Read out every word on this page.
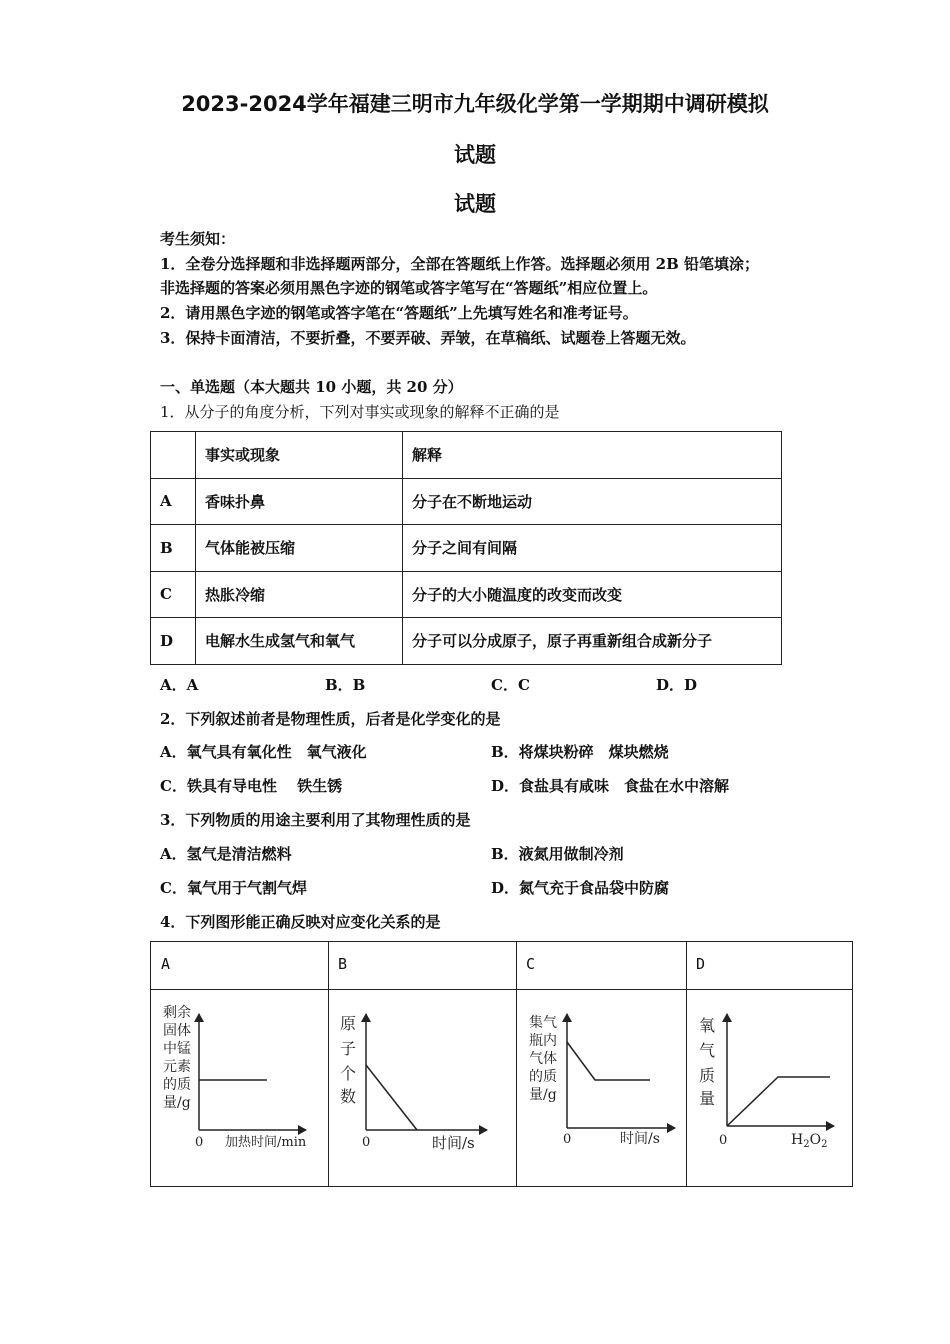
2023-2024学年福建三明市九年级化学第一学期期中调研模拟
试题
试题
考生须知：
1．全卷分选择题和非选择题两部分，全部在答题纸上作答。选择题必须用 2B 铅笔填涂；
非选择题的答案必须用黑色字迹的钢笔或答字笔写在“答题纸”相应位置上。
2．请用黑色字迹的钢笔或答字笔在“答题纸”上先填写姓名和准考证号。
3．保持卡面清洁，不要折叠，不要弄破、弄皱，在草稿纸、试题卷上答题无效。
一、单选题（本大题共 10 小题，共 20 分）
1．从分子的角度分析，下列对事实或现象的解释不正确的是
	事实或现象	解释
A	香味扑鼻	分子在不断地运动
B	气体能被压缩	分子之间有间隔
C	热胀冷缩	分子的大小随温度的改变而改变
D	电解水生成氢气和氧气	分子可以分成原子，原子再重新组合成新分子
A．A	B．B	C．C	D．D
2．下列叙述前者是物理性质，后者是化学变化的是
A．氧气具有氧化性　氧气液化	B．将煤块粉碎　煤块燃烧
C．铁具有导电性　 铁生锈	D．食盐具有咸味　食盐在水中溶解
3．下列物质的用途主要利用了其物理性质的是
A．氢气是清洁燃料	B．液氮用做制冷剂
C．氧气用于气割气焊	D．氮气充于食品袋中防腐
4．下列图形能正确反映对应变化关系的是
A	B	C	D
剩余
固体
中锰
元素
的质
量/g
0 加热时间/min
原
子
个
数
0	时间/s
集气
瓶内
气体
的质
量/g
0	时间/s
氧
气
质
量
0	$H_2O_2$
